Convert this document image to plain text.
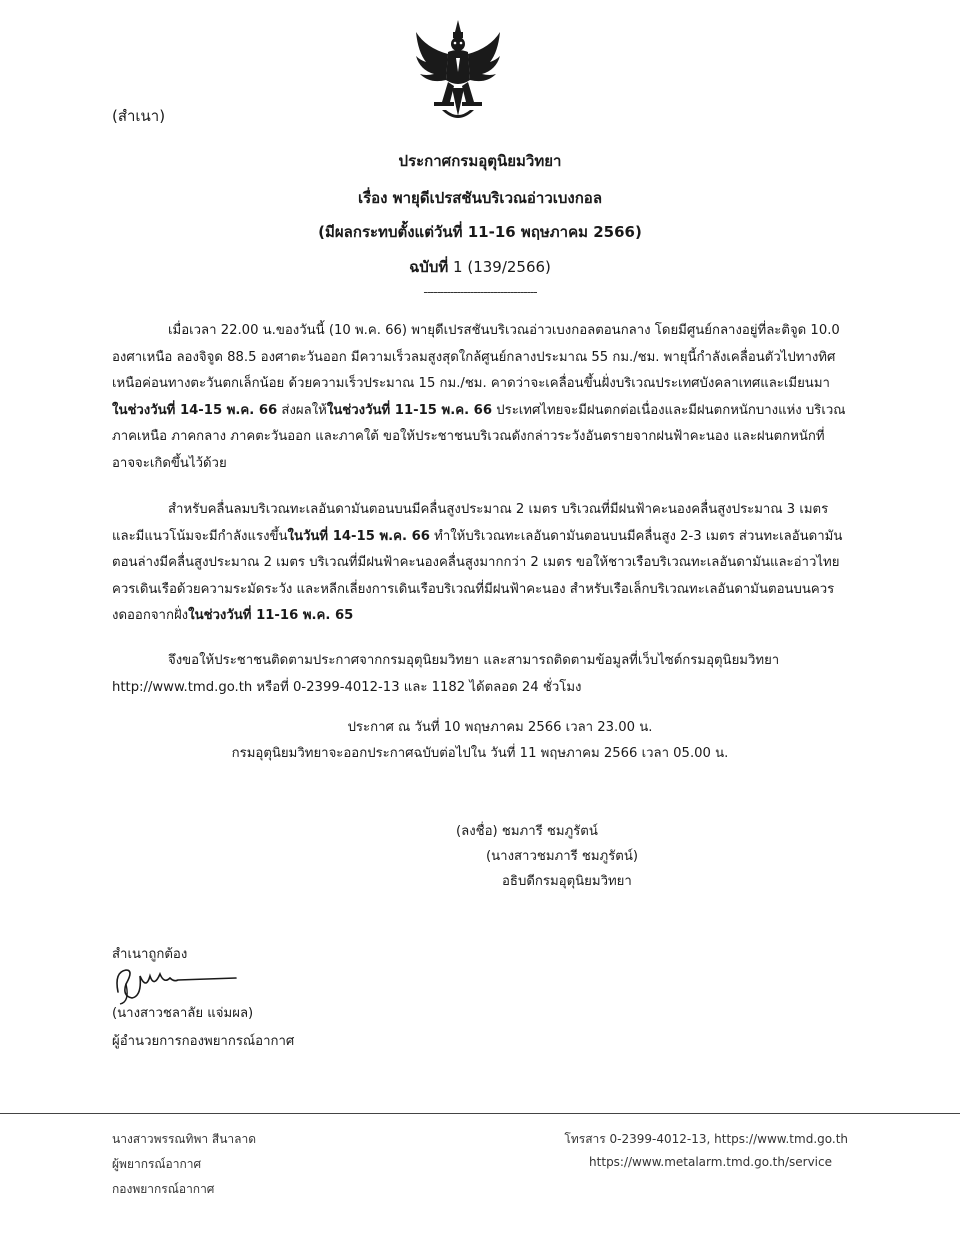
(สำเนา)
ประกาศกรมอุตุนิยมวิทยา
เรื่อง พายุดีเปรสชันบริเวณอ่าวเบงกอล
(มีผลกระทบตั้งแต่วันที่ 11-16 พฤษภาคม 2566)
ฉบับที่ 1 (139/2566)
----------------------------------
เมื่อเวลา 22.00 น.ของวันนี้ (10 พ.ค. 66) พายุดีเปรสชันบริเวณอ่าวเบงกอลตอนกลาง โดยมีศูนย์กลางอยู่ที่ละติจูด 10.0
องศาเหนือ ลองจิจูด 88.5 องศาตะวันออก มีความเร็วลมสูงสุดใกล้ศูนย์กลางประมาณ 55 กม./ชม. พายุนี้กำลังเคลื่อนตัวไปทางทิศ
เหนือค่อนทางตะวันตกเล็กน้อย ด้วยความเร็วประมาณ 15 กม./ชม. คาดว่าจะเคลื่อนขึ้นฝั่งบริเวณประเทศบังคลาเทศและเมียนมา
ในช่วงวันที่ 14-15 พ.ค. 66 ส่งผลให้ในช่วงวันที่ 11-15 พ.ค. 66 ประเทศไทยจะมีฝนตกต่อเนื่องและมีฝนตกหนักบางแห่ง บริเวณ
ภาคเหนือ ภาคกลาง ภาคตะวันออก และภาคใต้ ขอให้ประชาชนบริเวณดังกล่าวระวังอันตรายจากฝนฟ้าคะนอง และฝนตกหนักที่
อาจจะเกิดขึ้นไว้ด้วย
สำหรับคลื่นลมบริเวณทะเลอันดามันตอนบนมีคลื่นสูงประมาณ 2 เมตร บริเวณที่มีฝนฟ้าคะนองคลื่นสูงประมาณ 3 เมตร
และมีแนวโน้มจะมีกำลังแรงขึ้นในวันที่ 14-15 พ.ค. 66 ทำให้บริเวณทะเลอันดามันตอนบนมีคลื่นสูง 2-3 เมตร ส่วนทะเลอันดามัน
ตอนล่างมีคลื่นสูงประมาณ 2 เมตร บริเวณที่มีฝนฟ้าคะนองคลื่นสูงมากกว่า 2 เมตร ขอให้ชาวเรือบริเวณทะเลอันดามันและอ่าวไทย
ควรเดินเรือด้วยความระมัดระวัง และหลีกเลี่ยงการเดินเรือบริเวณที่มีฝนฟ้าคะนอง สำหรับเรือเล็กบริเวณทะเลอันดามันตอนบนควร
งดออกจากฝั่งในช่วงวันที่ 11-16 พ.ค. 65
จึงขอให้ประชาชนติดตามประกาศจากกรมอุตุนิยมวิทยา และสามารถติดตามข้อมูลที่เว็บไซต์กรมอุตุนิยมวิทยา
http://www.tmd.go.th หรือที่ 0-2399-4012-13 และ 1182 ได้ตลอด 24 ชั่วโมง
ประกาศ ณ วันที่ 10 พฤษภาคม 2566 เวลา 23.00 น.
กรมอุตุนิยมวิทยาจะออกประกาศฉบับต่อไปใน วันที่ 11 พฤษภาคม 2566 เวลา 05.00 น.
(ลงชื่อ) ชมภารี ชมภูรัตน์
(นางสาวชมภารี ชมภูรัตน์)
อธิบดีกรมอุตุนิยมวิทยา
สำเนาถูกต้อง
(นางสาวชลาลัย แจ่มผล)
ผู้อำนวยการกองพยากรณ์อากาศ
นางสาวพรรณทิพา สีนาลาด
ผู้พยากรณ์อากาศ
กองพยากรณ์อากาศ
โทรสาร 0-2399-4012-13, https://www.tmd.go.th
https://www.metalarm.tmd.go.th/service
